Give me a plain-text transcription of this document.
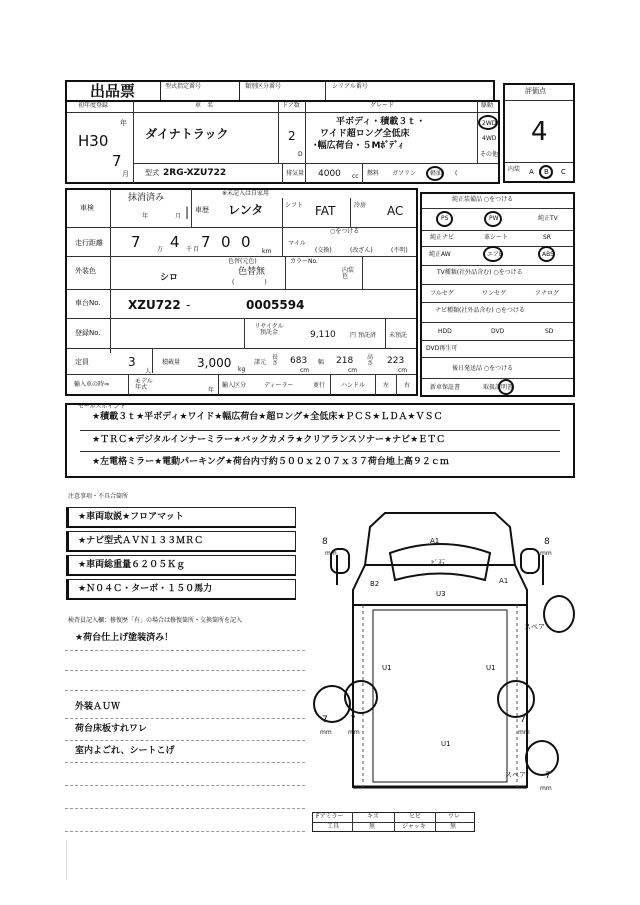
出品票	型式指定番号	類別区分番号	シリアル番号
評価点
4
内装 A B C
初年度登録
H30
年
7
月
車　名
ダイナトラック
ドア数
2
D
グレード
平ボディ・積載３ｔ・
ワイド超ロング全低床
･幅広荷台・５Mﾎﾞﾃﾞｨ
駆動
2WD
4WD
その他
型式 2RG-XZU722	排気量 4000 cc 燃料 ガソリン 軽油 (
車検
抹消済み
年	月 |
※未記入は自家用
車歴 レンタ	シフト FAT	冷房 AC
走行距離 7	万 4 千 7
百 0 0
km
○をつける
マイル
(交換)	(改ざん)	(不明)
外装色
シロ
色替(元色)
色替無
(　　　　　)
カラーNo.
内装色
車台No. XZU722 -	0005594
登録No.
リサイクル預託金	9,110 円 預託済 未預託
定員	3
人
積載量 3,000 kg
諸元
長さ 683
cm
幅 218
cm
高さ 223
cm
輸入車の時⇒	モデル年式	年
輸入区分	ディーラー	並行	ハンドル	左 右
純正装備品 ○をつける
PS	PW	純正TV
純正ナビ	革シート	SR
純正AW	エアB	ABS
TV種類(社外品含む) ○をつける
フルセグ	ワンセグ	アナログ
ナビ種類(社外品含む) ○をつける
HDD	DVD	SD
DVD再生可
後日発送品 ○をつける
新車保証書	取扱説明書
セールスポイント
★積載３ｔ★平ボディ★ワイド★幅広荷台★超ロング★全低床★ＰＣＳ★ＬＤＡ★ＶＳＣ
★ＴＲＣ★デジタルインナーミラー★バックカメラ★クリアランスソナー★ナビ★ＥＴＣ
★左電格ミラー★電動パーキング★荷台内寸約５００ｘ２０７ｘ３７荷台地上高９２ｃｍ
注意事項・不具合箇所
★車両取説★フロアマット
★ナビ型式ＡＶＮ１３３ＭＲＣ
★車両総重量６２０５Ｋｇ
★Ｎ０４Ｃ・ターボ・１５０馬力
検査員記入欄：修復歴「有」の場合は修復箇所・交換箇所を記入
★荷台仕上げ塗装済み！
外装ＡＵＷ
荷台床板すれワレ
室内よごれ、シートこげ
A1
ﾋﾞ石
U3
B2	A1
U1	U1
U1
8
mm
8
mm
7
mm
7
mm
7
mm
スペア
スペア 7
mm
Fアミラー	キズ	ヒビ	ワレ
工具	無	ジャッキ	無
